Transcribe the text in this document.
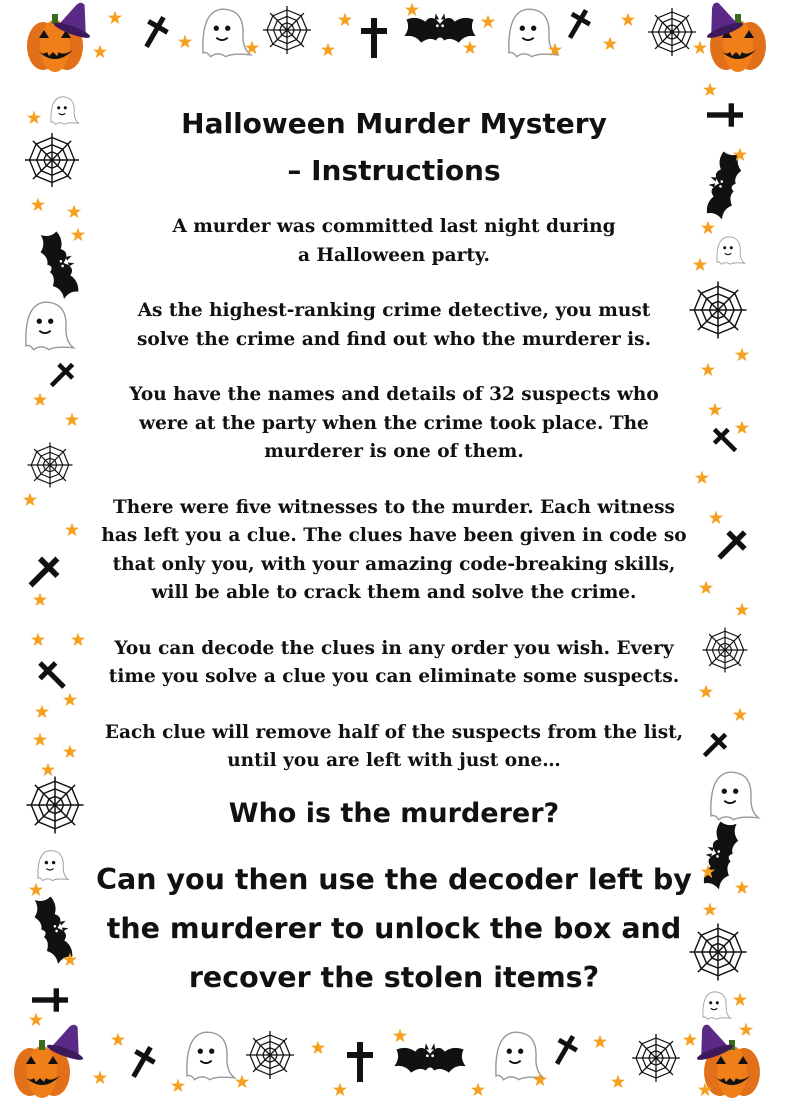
Halloween Murder Mystery
– Instructions

A murder was committed last night during
a Halloween party.

As the highest-ranking crime detective, you must
solve the crime and find out who the murderer is.

You have the names and details of 32 suspects who
were at the party when the crime took place. The
murderer is one of them.

There were five witnesses to the murder. Each witness
has left you a clue. The clues have been given in code so
that only you, with your amazing code-breaking skills,
will be able to crack them and solve the crime.

You can decode the clues in any order you wish. Every
time you solve a clue you can eliminate some suspects.

Each clue will remove half of the suspects from the list,
until you are left with just one…

Who is the murderer?
Can you then use the decoder left by
the murderer to unlock the box and
recover the stolen items?
